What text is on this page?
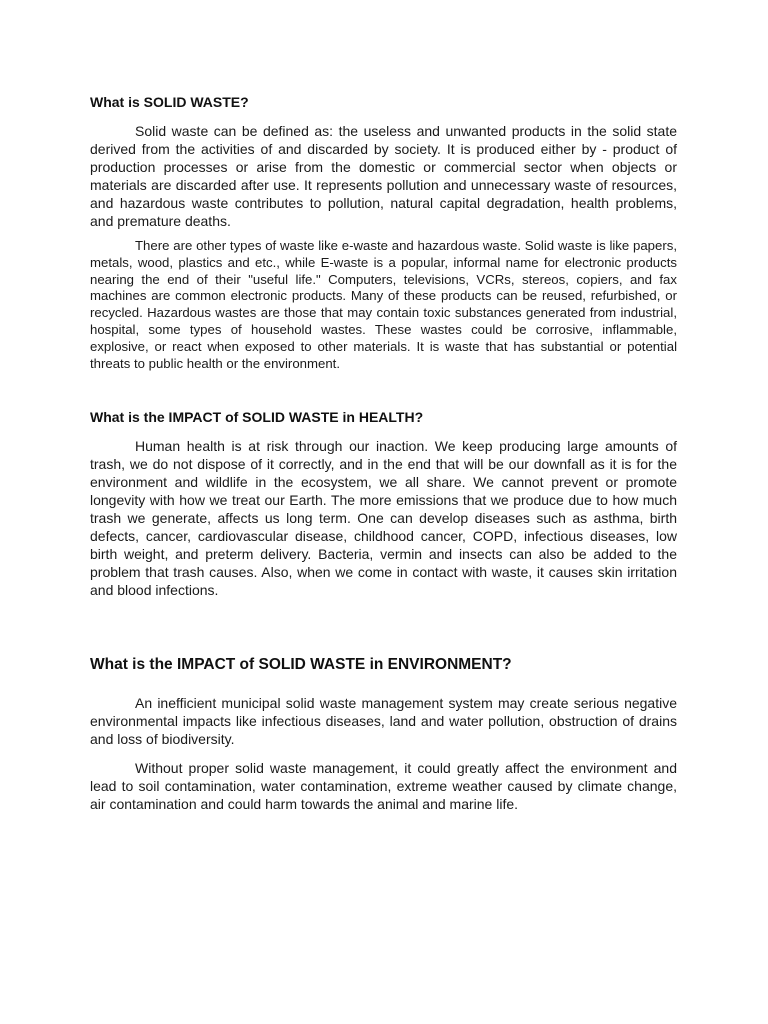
What is SOLID WASTE?

Solid waste can be defined as: the useless and unwanted products in the solid state derived from the activities of and discarded by society. It is produced either by - product of production processes or arise from the domestic or commercial sector when objects or materials are discarded after use. It represents pollution and unnecessary waste of resources, and hazardous waste contributes to pollution, natural capital degradation, health problems, and premature deaths.

There are other types of waste like e-waste and hazardous waste. Solid waste is like papers, metals, wood, plastics and etc., while E-waste is a popular, informal name for electronic products nearing the end of their "useful life." Computers, televisions, VCRs, stereos, copiers, and fax machines are common electronic products. Many of these products can be reused, refurbished, or recycled. Hazardous wastes are those that may contain toxic substances generated from industrial, hospital, some types of household wastes. These wastes could be corrosive, inflammable, explosive, or react when exposed to other materials. It is waste that has substantial or potential threats to public health or the environment.

What is the IMPACT of SOLID WASTE in HEALTH?

Human health is at risk through our inaction. We keep producing large amounts of trash, we do not dispose of it correctly, and in the end that will be our downfall as it is for the environment and wildlife in the ecosystem, we all share. We cannot prevent or promote longevity with how we treat our Earth. The more emissions that we produce due to how much trash we generate, affects us long term. One can develop diseases such as asthma, birth defects, cancer, cardiovascular disease, childhood cancer, COPD, infectious diseases, low birth weight, and preterm delivery. Bacteria, vermin and insects can also be added to the problem that trash causes. Also, when we come in contact with waste, it causes skin irritation and blood infections.

What is the IMPACT of SOLID WASTE in ENVIRONMENT?

An inefficient municipal solid waste management system may create serious negative environmental impacts like infectious diseases, land and water pollution, obstruction of drains and loss of biodiversity.

Without proper solid waste management, it could greatly affect the environment and lead to soil contamination, water contamination, extreme weather caused by climate change, air contamination and could harm towards the animal and marine life.
